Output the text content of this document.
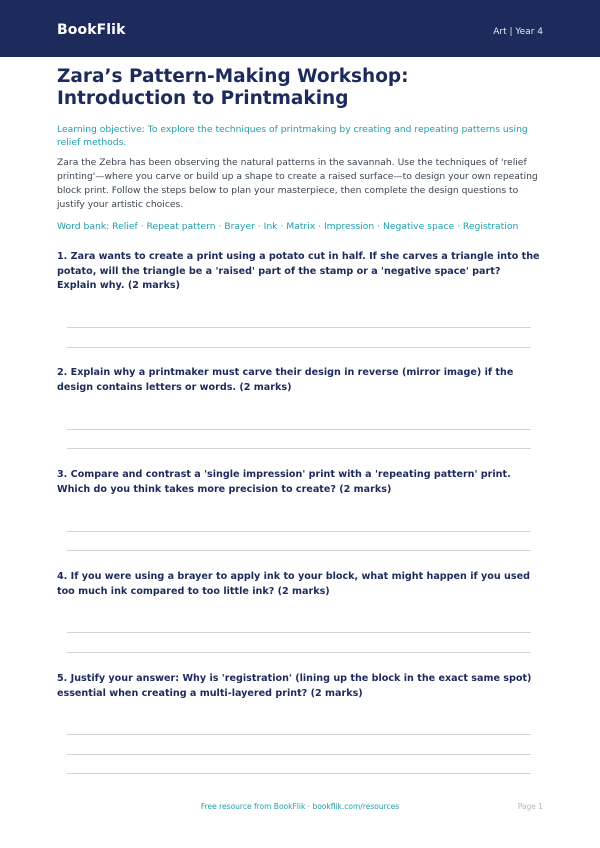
BookFlik	Art | Year 4
Zara’s Pattern-Making Workshop: Introduction to Printmaking
Learning objective: To explore the techniques of printmaking by creating and repeating patterns using relief methods.
Zara the Zebra has been observing the natural patterns in the savannah. Use the techniques of 'relief printing'—where you carve or build up a shape to create a raised surface—to design your own repeating block print. Follow the steps below to plan your masterpiece, then complete the design questions to justify your artistic choices.
Word bank: Relief · Repeat pattern · Brayer · Ink · Matrix · Impression · Negative space · Registration
1. Zara wants to create a print using a potato cut in half. If she carves a triangle into the potato, will the triangle be a 'raised' part of the stamp or a 'negative space' part? Explain why. (2 marks)
2. Explain why a printmaker must carve their design in reverse (mirror image) if the design contains letters or words. (2 marks)
3. Compare and contrast a 'single impression' print with a 'repeating pattern' print. Which do you think takes more precision to create? (2 marks)
4. If you were using a brayer to apply ink to your block, what might happen if you used too much ink compared to too little ink? (2 marks)
5. Justify your answer: Why is 'registration' (lining up the block in the exact same spot) essential when creating a multi-layered print? (2 marks)
Free resource from BookFlik · bookflik.com/resources	Page 1
